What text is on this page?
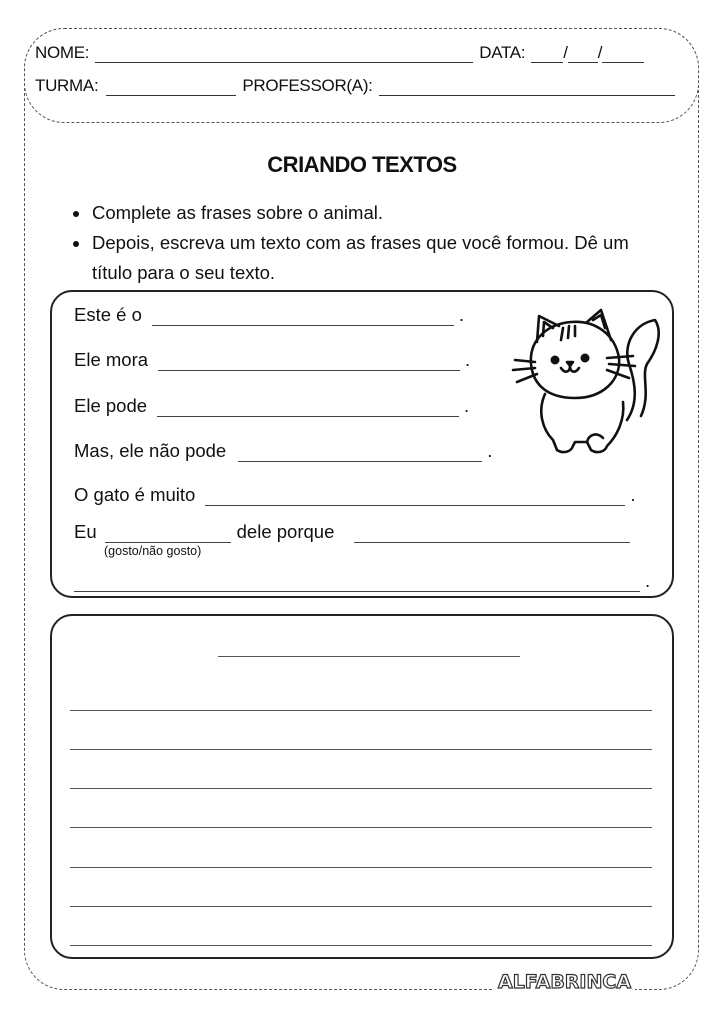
NOME:	DATA: / /
TURMA:	PROFESSOR(A):
CRIANDO TEXTOS
Complete as frases sobre o animal.
Depois, escreva um texto com as frases que você formou. Dê um título para o seu texto.
Este é o	.
Ele mora	.
Ele pode	.
Mas, ele não pode	.
O gato é muito	.
Eu	dele porque
(gosto/não gosto)
.
ALFABRINCA
